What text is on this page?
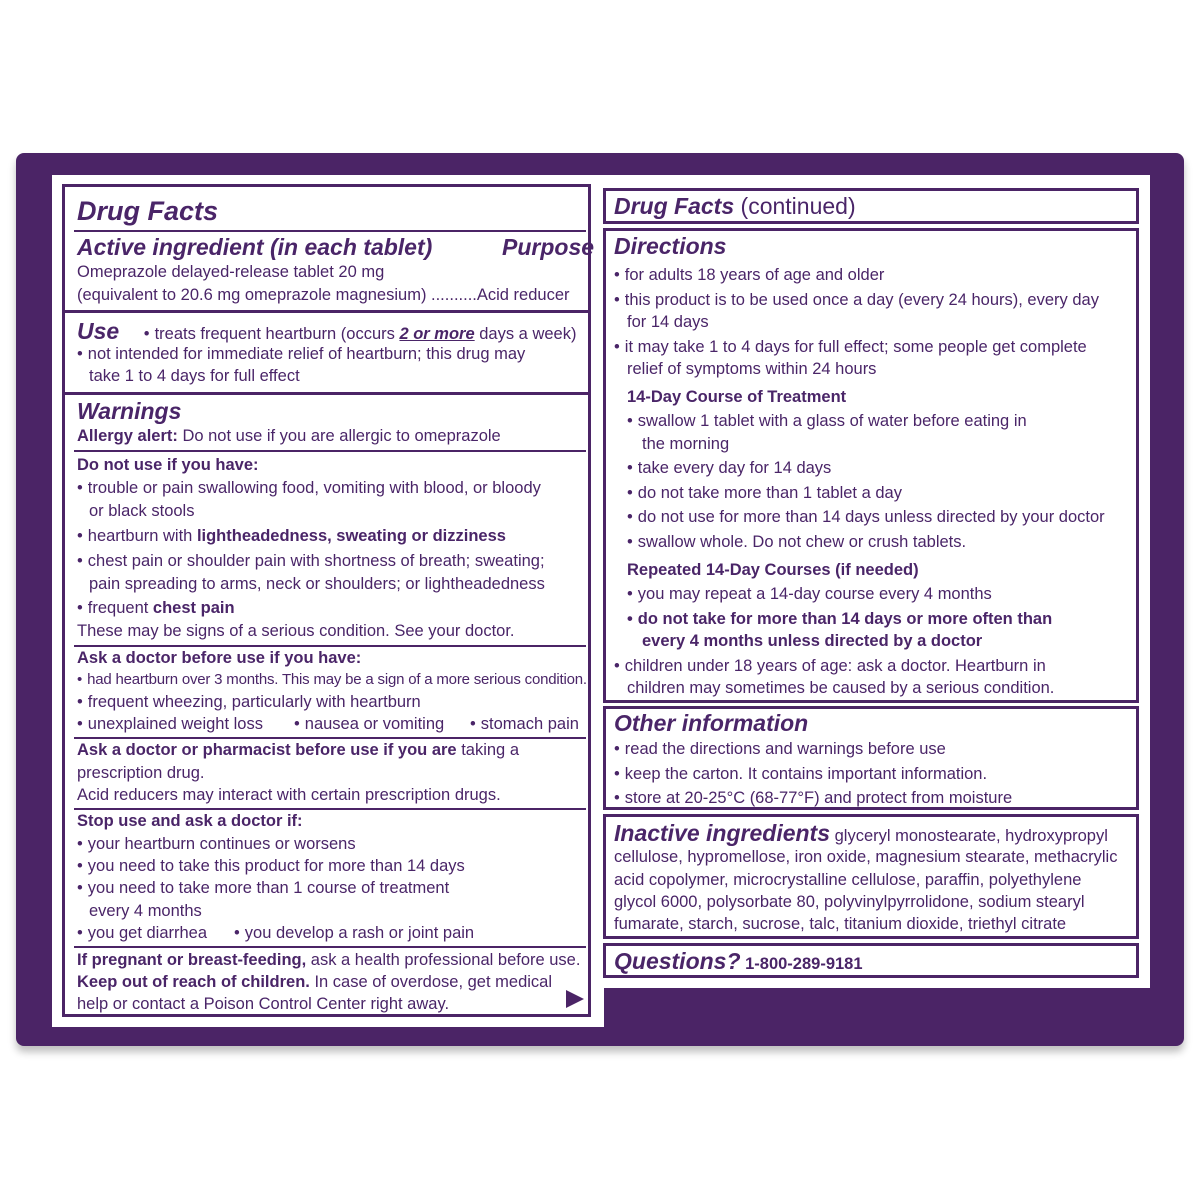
Drug Facts
Active ingredient (in each tablet)	Purpose
Omeprazole delayed-release tablet 20 mg
(equivalent to 20.6 mg omeprazole magnesium) ..........Acid reducer
Use • treats frequent heartburn (occurs 2 or more days a week)
• not intended for immediate relief of heartburn; this drug may
take 1 to 4 days for full effect
Warnings
Allergy alert: Do not use if you are allergic to omeprazole
Do not use if you have:
• trouble or pain swallowing food, vomiting with blood, or bloody
or black stools
• heartburn with lightheadedness, sweating or dizziness
• chest pain or shoulder pain with shortness of breath; sweating;
pain spreading to arms, neck or shoulders; or lightheadedness
• frequent chest pain
These may be signs of a serious condition. See your doctor.
Ask a doctor before use if you have:
• had heartburn over 3 months. This may be a sign of a more serious condition.
• frequent wheezing, particularly with heartburn
• unexplained weight loss	• nausea or vomiting	• stomach pain
Ask a doctor or pharmacist before use if you are taking a
prescription drug.
Acid reducers may interact with certain prescription drugs.
Stop use and ask a doctor if:
• your heartburn continues or worsens
• you need to take this product for more than 14 days
• you need to take more than 1 course of treatment
every 4 months
• you get diarrhea	• you develop a rash or joint pain
If pregnant or breast-feeding, ask a health professional before use.
Keep out of reach of children. In case of overdose, get medical
help or contact a Poison Control Center right away.
Drug Facts (continued)
Directions
• for adults 18 years of age and older
• this product is to be used once a day (every 24 hours), every day
for 14 days
• it may take 1 to 4 days for full effect; some people get complete
relief of symptoms within 24 hours
14-Day Course of Treatment
• swallow 1 tablet with a glass of water before eating in
the morning
• take every day for 14 days
• do not take more than 1 tablet a day
• do not use for more than 14 days unless directed by your doctor
• swallow whole. Do not chew or crush tablets.
Repeated 14-Day Courses (if needed)
• you may repeat a 14-day course every 4 months
• do not take for more than 14 days or more often than
every 4 months unless directed by a doctor
• children under 18 years of age: ask a doctor. Heartburn in
children may sometimes be caused by a serious condition.
Other information
• read the directions and warnings before use
• keep the carton. It contains important information.
• store at 20-25°C (68-77°F) and protect from moisture
Inactive ingredients glyceryl monostearate, hydroxypropyl
cellulose, hypromellose, iron oxide, magnesium stearate, methacrylic
acid copolymer, microcrystalline cellulose, paraffin, polyethylene
glycol 6000, polysorbate 80, polyvinylpyrrolidone, sodium stearyl
fumarate, starch, sucrose, talc, titanium dioxide, triethyl citrate
Questions? 1-800-289-9181
